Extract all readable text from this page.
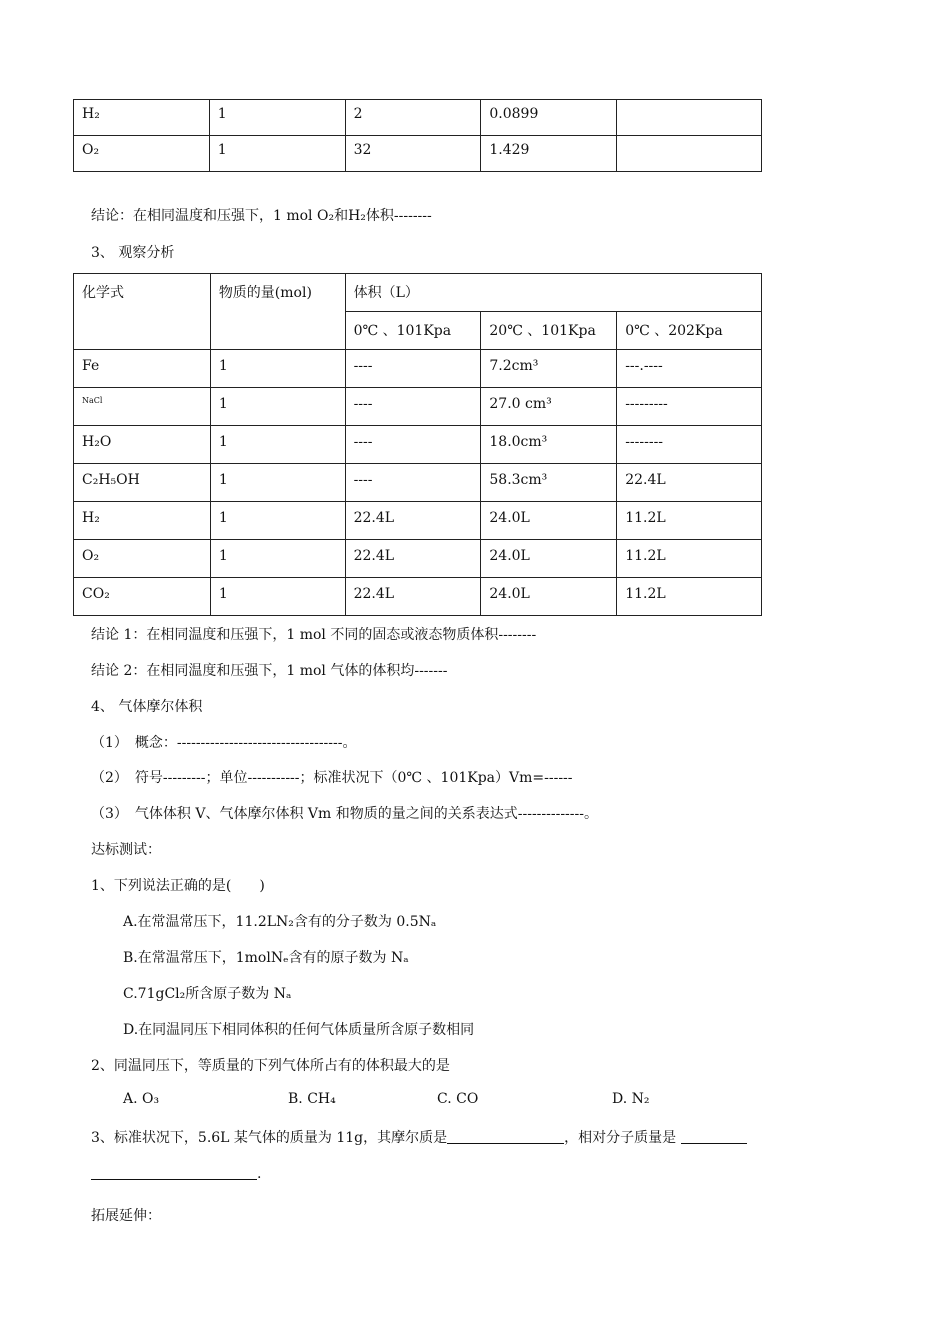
H₂	1	2	0.0899	
O₂	1	32	1.429	
结论：在相同温度和压强下，1 mol O₂和H₂体积--------
3、 观察分析
化学式	物质的量(mol)	体积（L）		
		0℃ 、101Kpa	20℃ 、101Kpa	0℃ 、202Kpa
Fe	1	----	7.2cm³	---.----
NaCl	1	----	27.0 cm³	---------
H₂O	1	----	18.0cm³	--------
C₂H₅OH	1	----	58.3cm³	22.4L
H₂	1	22.4L	24.0L	11.2L
O₂	1	22.4L	24.0L	11.2L
CO₂	1	22.4L	24.0L	11.2L
结论 1：在相同温度和压强下，1 mol 不同的固态或液态物质体积--------
结论 2：在相同温度和压强下，1 mol 气体的体积均-------
4、 气体摩尔体积
（1）　概念：-----------------------------------。
（2）　符号---------；单位-----------；标准状况下（0℃ 、101Kpa）Vm=------
（3）　气体体积 V、气体摩尔体积 Vm 和物质的量之间的关系表达式--------------。
达标测试：
1、下列说法正确的是(　　)
A.在常温常压下，11.2LN₂含有的分子数为 0.5Nₐ
B.在常温常压下，1molNₑ含有的原子数为 Nₐ
C.71gCl₂所含原子数为 Nₐ
D.在同温同压下相同体积的任何气体质量所含原子数相同
2、同温同压下，等质量的下列气体所占有的体积最大的是
A. O₃	B. CH₄	C. CO	D. N₂
3、标准状况下，5.6L 某气体的质量为 11g，其摩尔质是	，相对分子质量是
.
拓展延伸：
